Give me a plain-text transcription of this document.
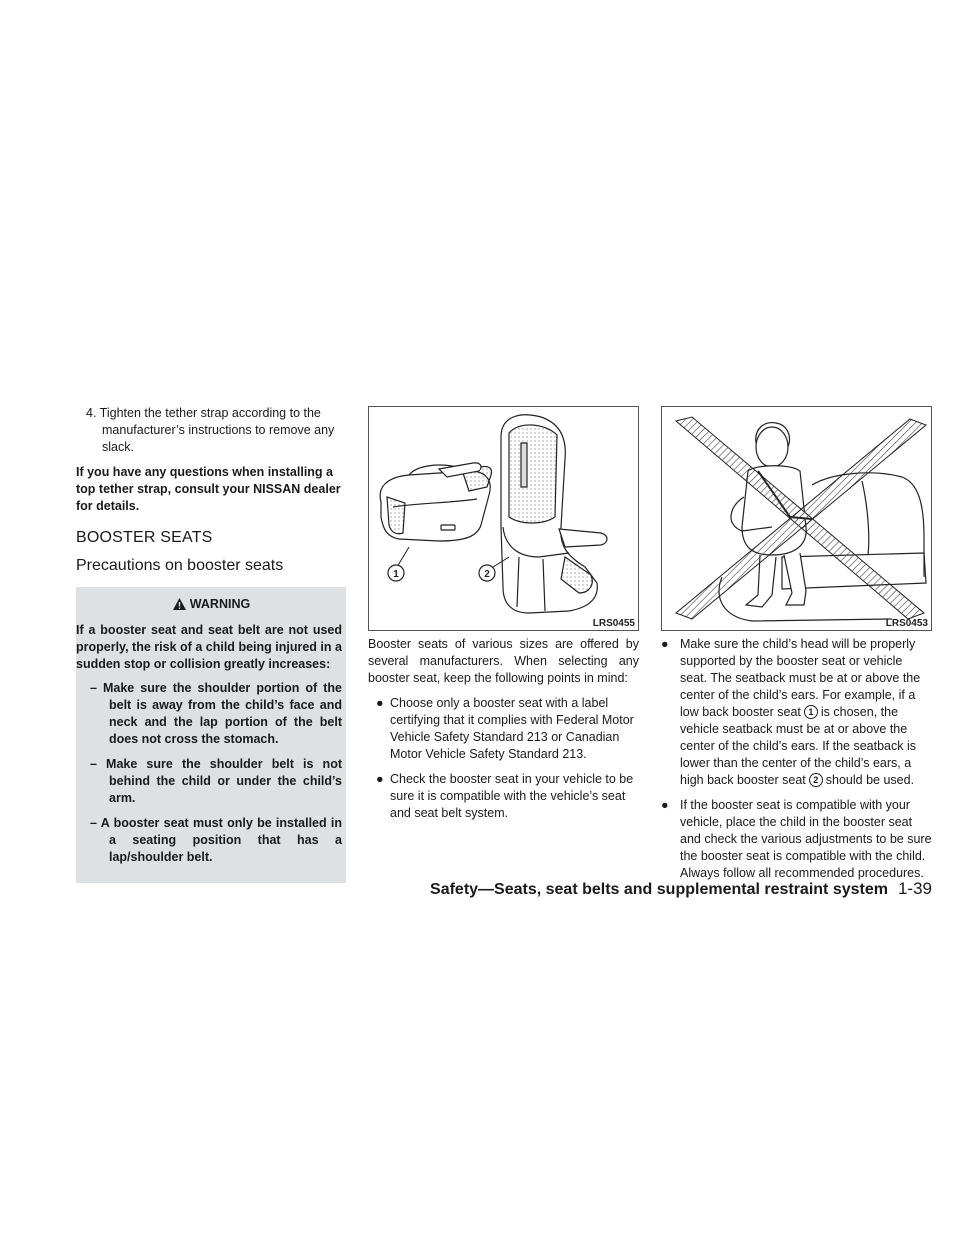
4. Tighten the tether strap according to the manufacturer’s instructions to remove any slack.

If you have any questions when installing a top tether strap, consult your NISSAN dealer for details.

BOOSTER SEATS
Precautions on booster seats
WARNING

If a booster seat and seat belt are not used properly, the risk of a child being injured in a sudden stop or collision greatly increases:

– Make sure the shoulder portion of the belt is away from the child’s face and neck and the lap portion of the belt does not cross the stomach.

– Make sure the shoulder belt is not behind the child or under the child’s arm.

– A booster seat must only be installed in a seating position that has a lap/shoulder belt.

1	2
LRS0455	LRS0453

Booster seats of various sizes are offered by several manufacturers. When selecting any booster seat, keep the following points in mind:

● Choose only a booster seat with a label certifying that it complies with Federal Motor Vehicle Safety Standard 213 or Canadian Motor Vehicle Safety Standard 213.
● Check the booster seat in your vehicle to be sure it is compatible with the vehicle’s seat and seat belt system.
● Make sure the child’s head will be properly supported by the booster seat or vehicle seat. The seatback must be at or above the center of the child’s ears. For example, if a low back booster seat 1 is chosen, the vehicle seatback must be at or above the center of the child’s ears. If the seatback is lower than the center of the child’s ears, a high back booster seat 2 should be used.
● If the booster seat is compatible with your vehicle, place the child in the booster seat and check the various adjustments to be sure the booster seat is compatible with the child. Always follow all recommended procedures.
Safety—Seats, seat belts and supplemental restraint system 1-39
